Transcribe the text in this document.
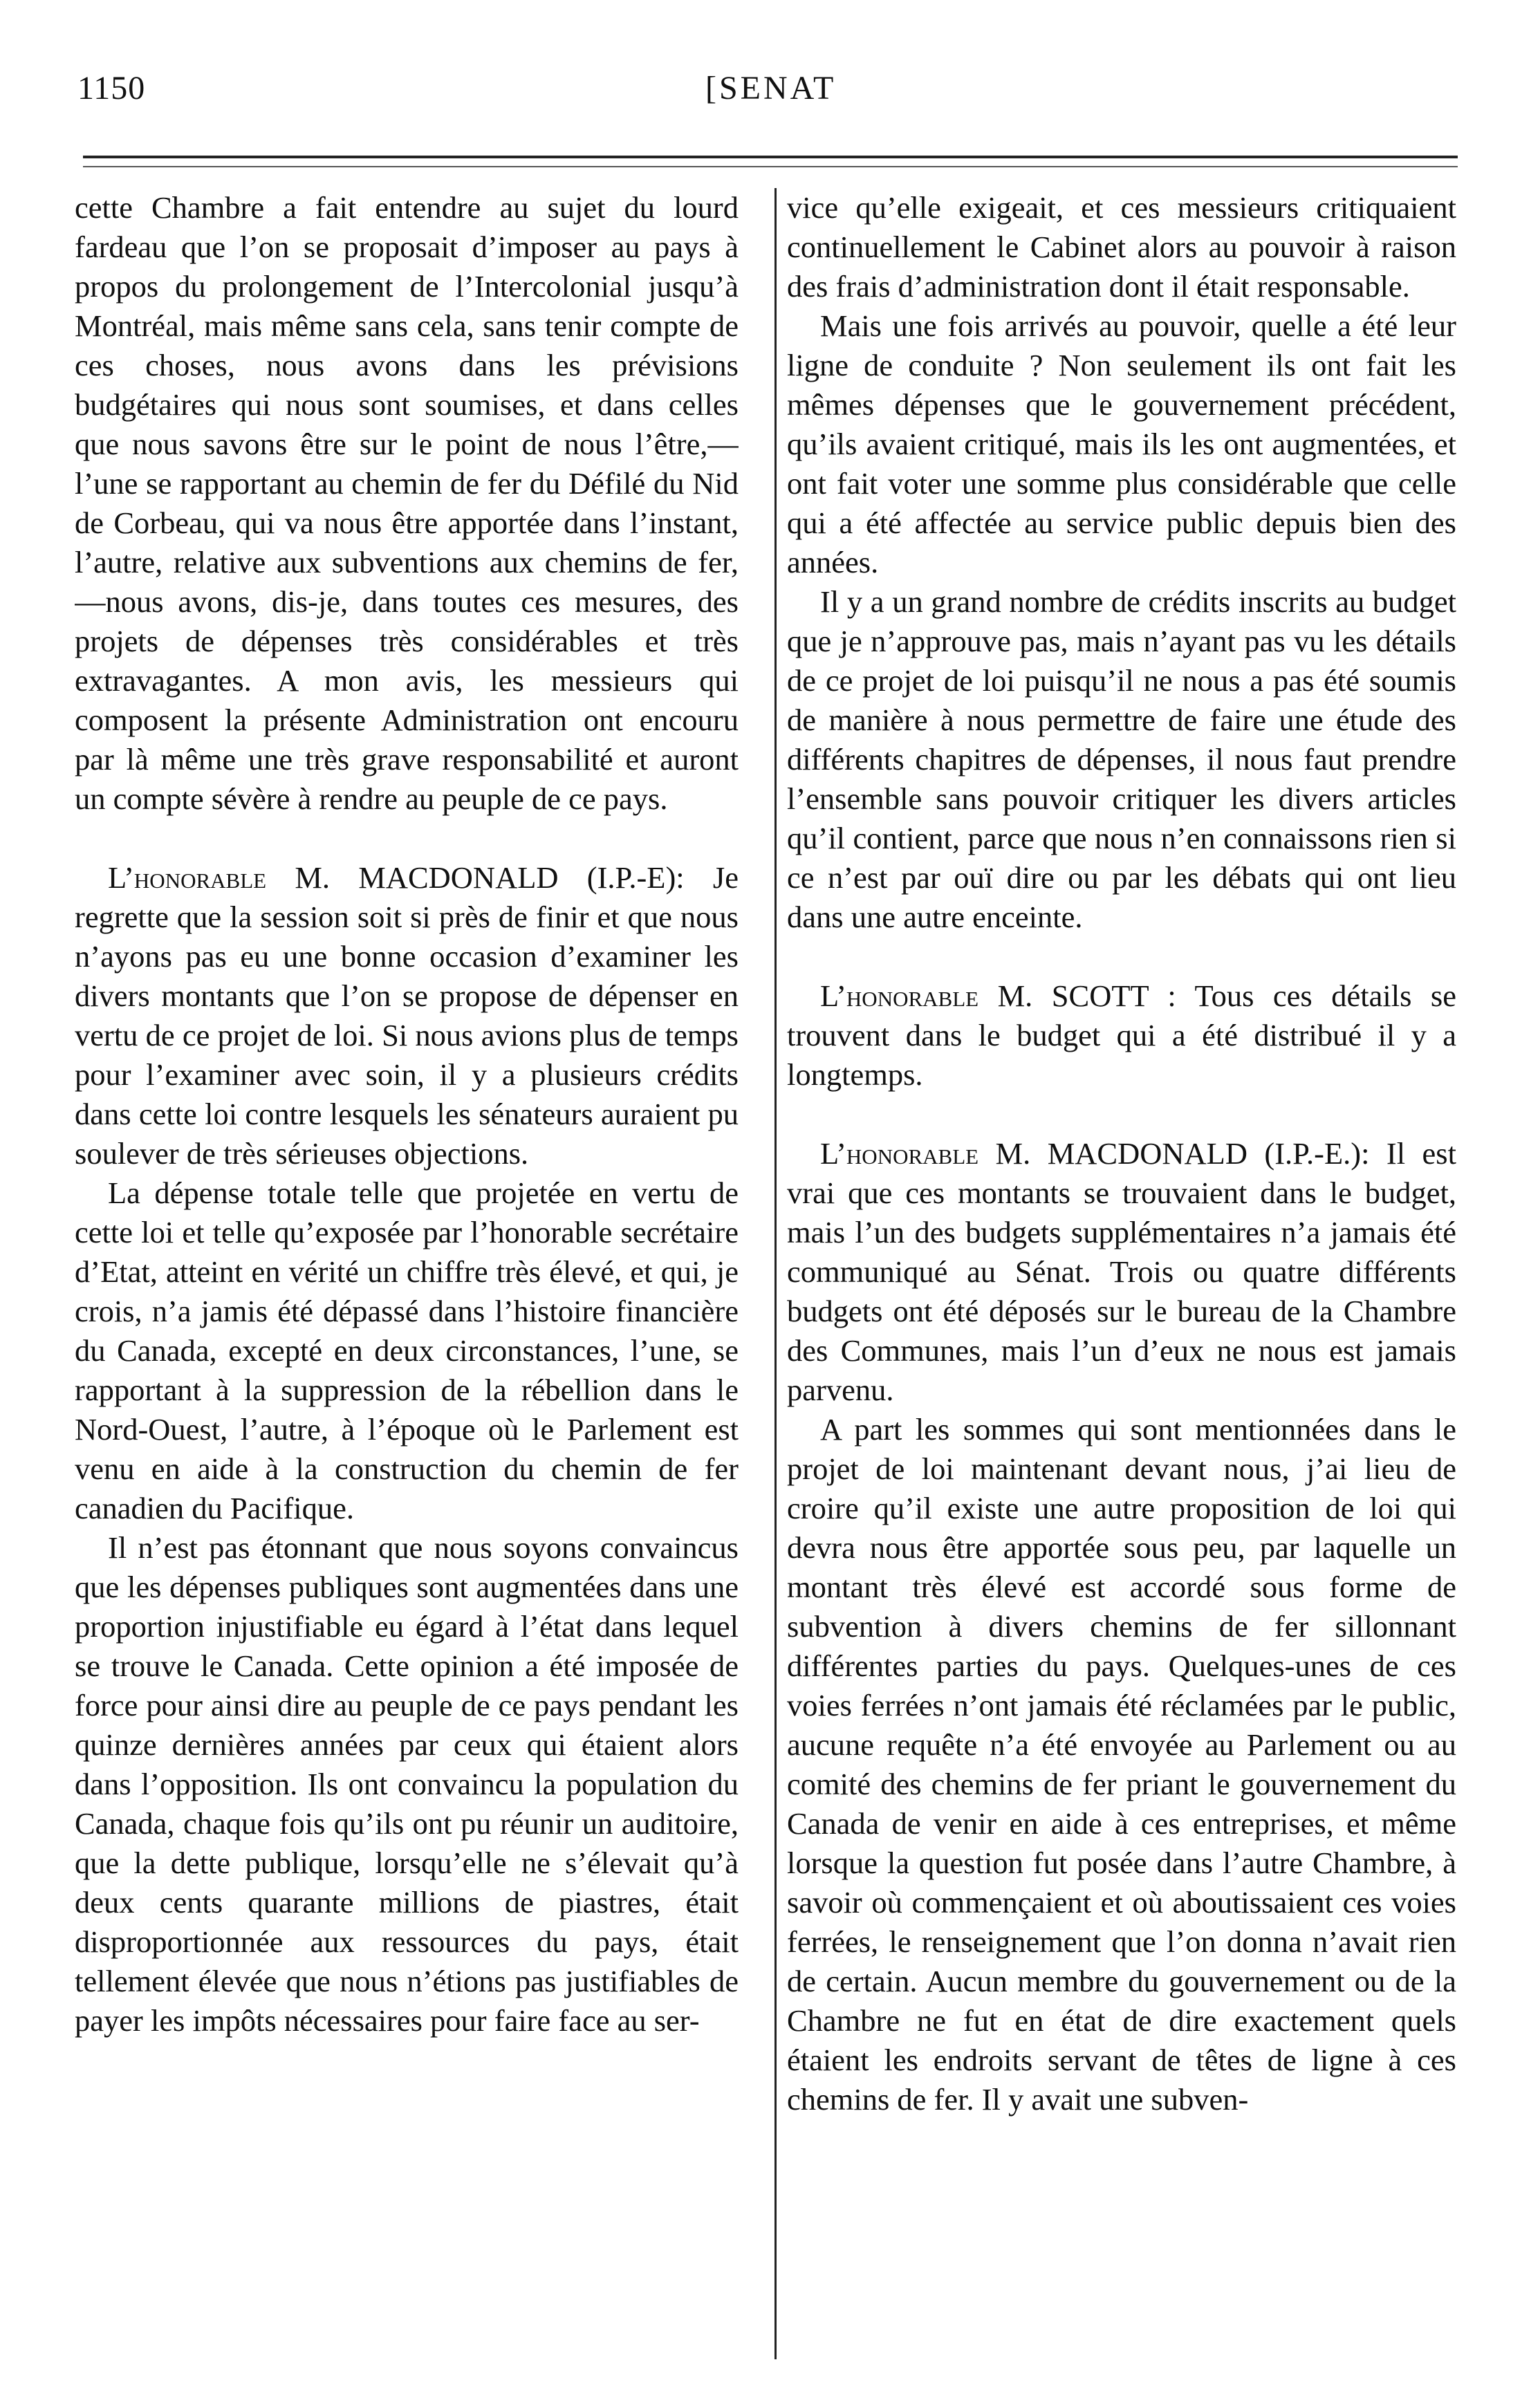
1150	[SENAT

cette Chambre a fait entendre au sujet du lourd fardeau que l’on se proposait d’imposer au pays à propos du prolongement de l’Intercolonial jusqu’à Montréal, mais même sans cela, sans tenir compte de ces choses, nous avons dans les prévisions budgétaires qui nous sont soumises, et dans celles que nous savons être sur le point de nous l’être,—l’une se rapportant au chemin de fer du Défilé du Nid de Corbeau, qui va nous être apportée dans l’instant, l’autre, relative aux subventions aux chemins de fer,—nous avons, dis-je, dans toutes ces mesures, des projets de dépenses très considérables et très extravagantes. A mon avis, les messieurs qui composent la présente Administration ont encouru par là même une très grave responsabilité et auront un compte sévère à rendre au peuple de ce pays.

L’honorable M. MACDONALD (I.P.-E): Je regrette que la session soit si près de finir et que nous n’ayons pas eu une bonne occasion d’examiner les divers montants que l’on se propose de dépenser en vertu de ce projet de loi. Si nous avions plus de temps pour l’examiner avec soin, il y a plusieurs crédits dans cette loi contre lesquels les sénateurs auraient pu soulever de très sérieuses objections.

La dépense totale telle que projetée en vertu de cette loi et telle qu’exposée par l’honorable secrétaire d’Etat, atteint en vérité un chiffre très élevé, et qui, je crois, n’a jamis été dépassé dans l’histoire financière du Canada, excepté en deux circonstances, l’une, se rapportant à la suppression de la rébellion dans le Nord-Ouest, l’autre, à l’époque où le Parlement est venu en aide à la construction du chemin de fer canadien du Pacifique.

Il n’est pas étonnant que nous soyons convaincus que les dépenses publiques sont augmentées dans une proportion injustifiable eu égard à l’état dans lequel se trouve le Canada. Cette opinion a été imposée de force pour ainsi dire au peuple de ce pays pendant les quinze dernières années par ceux qui étaient alors dans l’opposition. Ils ont convaincu la population du Canada, chaque fois qu’ils ont pu réunir un auditoire, que la dette publique, lorsqu’elle ne s’élevait qu’à deux cents quarante millions de piastres, était disproportionnée aux ressources du pays, était tellement élevée que nous n’étions pas justifiables de payer les impôts nécessaires pour faire face au ser-

vice qu’elle exigeait, et ces messieurs critiquaient continuellement le Cabinet alors au pouvoir à raison des frais d’administration dont il était responsable.

Mais une fois arrivés au pouvoir, quelle a été leur ligne de conduite ? Non seulement ils ont fait les mêmes dépenses que le gouvernement précédent, qu’ils avaient critiqué, mais ils les ont augmentées, et ont fait voter une somme plus considérable que celle qui a été affectée au service public depuis bien des années.

Il y a un grand nombre de crédits inscrits au budget que je n’approuve pas, mais n’ayant pas vu les détails de ce projet de loi puisqu’il ne nous a pas été soumis de manière à nous permettre de faire une étude des différents chapitres de dépenses, il nous faut prendre l’ensemble sans pouvoir critiquer les divers articles qu’il contient, parce que nous n’en connaissons rien si ce n’est par ouï dire ou par les débats qui ont lieu dans une autre enceinte.

L’honorable M. SCOTT : Tous ces détails se trouvent dans le budget qui a été distribué il y a longtemps.

L’honorable M. MACDONALD (I.P.-E.): Il est vrai que ces montants se trouvaient dans le budget, mais l’un des budgets supplémentaires n’a jamais été communiqué au Sénat. Trois ou quatre différents budgets ont été déposés sur le bureau de la Chambre des Communes, mais l’un d’eux ne nous est jamais parvenu.

A part les sommes qui sont mentionnées dans le projet de loi maintenant devant nous, j’ai lieu de croire qu’il existe une autre proposition de loi qui devra nous être apportée sous peu, par laquelle un montant très élevé est accordé sous forme de subvention à divers chemins de fer sillonnant différentes parties du pays. Quelques-unes de ces voies ferrées n’ont jamais été réclamées par le public, aucune requête n’a été envoyée au Parlement ou au comité des chemins de fer priant le gouvernement du Canada de venir en aide à ces entreprises, et même lorsque la question fut posée dans l’autre Chambre, à savoir où commençaient et où aboutissaient ces voies ferrées, le renseignement que l’on donna n’avait rien de certain. Aucun membre du gouvernement ou de la Chambre ne fut en état de dire exactement quels étaient les endroits servant de têtes de ligne à ces chemins de fer. Il y avait une subven-
